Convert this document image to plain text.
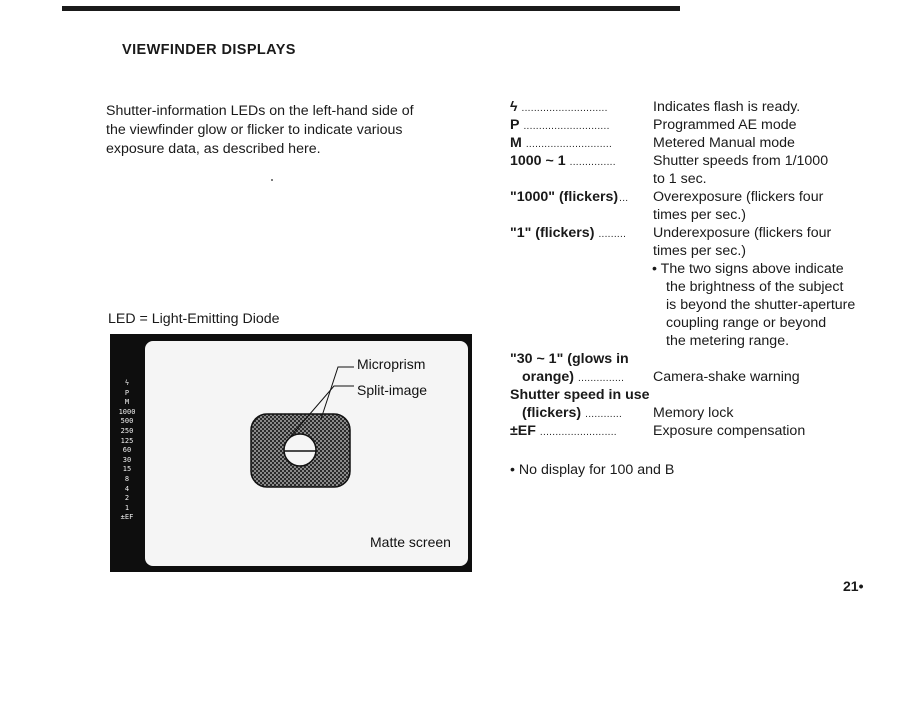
VIEWFINDER DISPLAYS
Shutter-information LEDs on the left-hand side of
the viewfinder glow or flicker to indicate various
exposure data, as described here.
LED = Light-Emitting Diode
ϟ
P
M
1000
500
250
125
60
30
15
8
4
2
1
±EF
Microprism
Split-image
Matte screen
ϟ ............................	Indicates flash is ready.
P ............................	Programmed AE mode
M ............................	Metered Manual mode
1000 ~ 1 ...............	Shutter speeds from 1/1000
to 1 sec.
"1000" (flickers)... Overexposure (flickers four
times per sec.)
"1" (flickers) ......... Underexposure (flickers four
times per sec.)
• The two signs above indicate
the brightness of the subject
is beyond the shutter-aperture
coupling range or beyond
the metering range.
"30 ~ 1" (glows in
orange) ............... Camera-shake warning
Shutter speed in use
(flickers) ............ Memory lock
±EF .........................	Exposure compensation
• No display for 100 and B
21•
